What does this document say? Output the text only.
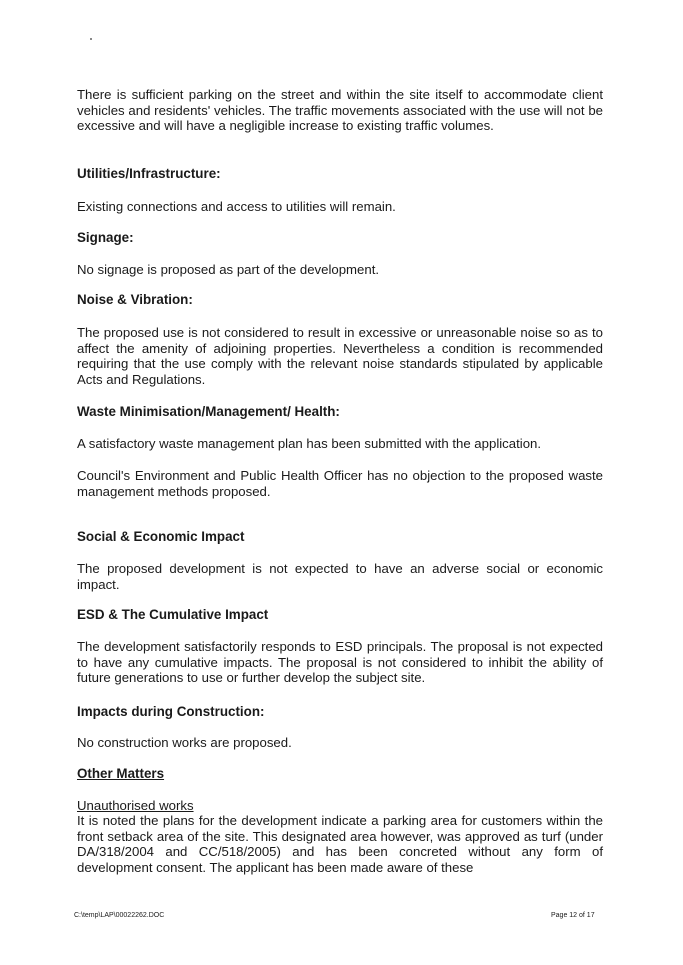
There is sufficient parking on the street and within the site itself to accommodate client vehicles and residents' vehicles. The traffic movements associated with the use will not be excessive and will have a negligible increase to existing traffic volumes.

Utilities/Infrastructure:

Existing connections and access to utilities will remain.

Signage:

No signage is proposed as part of the development.

Noise & Vibration:

The proposed use is not considered to result in excessive or unreasonable noise so as to affect the amenity of adjoining properties. Nevertheless a condition is recommended requiring that the use comply with the relevant noise standards stipulated by applicable Acts and Regulations.

Waste Minimisation/Management/ Health:

A satisfactory waste management plan has been submitted with the application.

Council's Environment and Public Health Officer has no objection to the proposed waste management methods proposed.

Social & Economic Impact

The proposed development is not expected to have an adverse social or economic impact.

ESD & The Cumulative Impact

The development satisfactorily responds to ESD principals. The proposal is not expected to have any cumulative impacts. The proposal is not considered to inhibit the ability of future generations to use or further develop the subject site.

Impacts during Construction:

No construction works are proposed.

Other Matters

Unauthorised works

It is noted the plans for the development indicate a parking area for customers within the front setback area of the site. This designated area however, was approved as turf (under DA/318/2004 and CC/518/2005) and has been concreted without any form of development consent. The applicant has been made aware of these

C:\temp\LAP\00022262.DOC	Page 12 of 17
